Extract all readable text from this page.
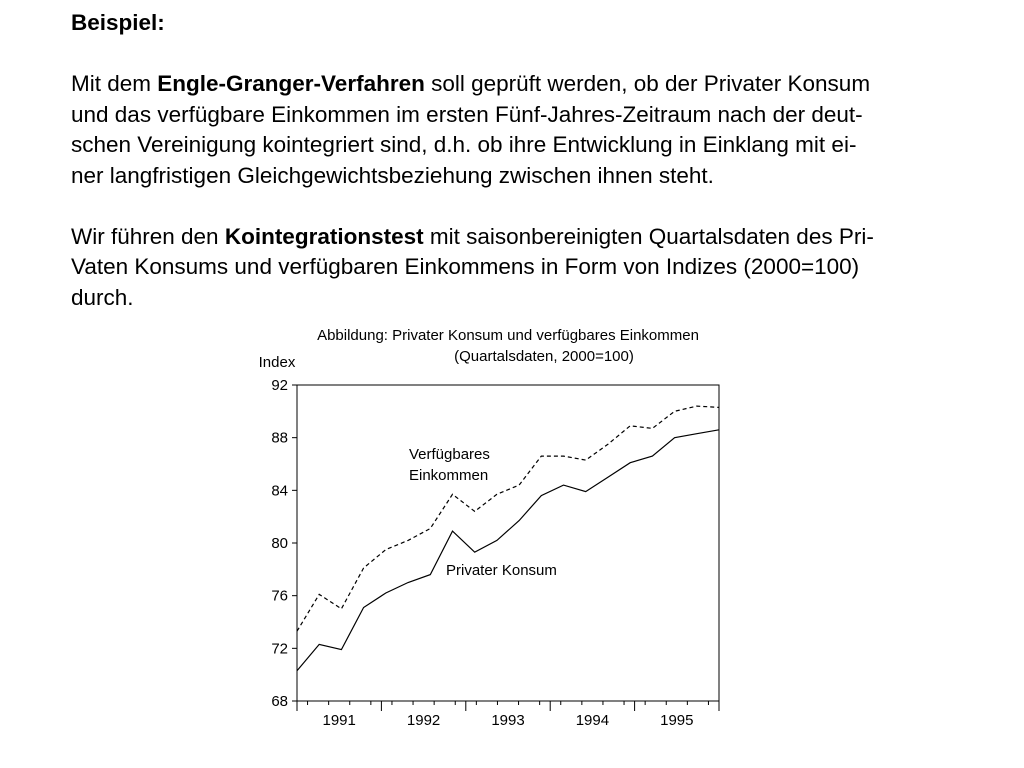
Beispiel:

Mit dem Engle-Granger-Verfahren soll geprüft werden, ob der Privater Konsum
und das verfügbare Einkommen im ersten Fünf-Jahres-Zeitraum nach der deut-
schen Vereinigung kointegriert sind, d.h. ob ihre Entwicklung in Einklang mit ei-
ner langfristigen Gleichgewichtsbeziehung zwischen ihnen steht.

Wir führen den Kointegrationstest mit saisonbereinigten Quartalsdaten des Pri-
Vaten Konsums und verfügbaren Einkommens in Form von Indizes (2000=100)
durch.

Abbildung: Privater Konsum und verfügbares Einkommen
(Quartalsdaten, 2000=100)
Index
68
72
76
80
84
88
92
1991	1992	1993	1994	1995
Verfügbares
Einkommen
Privater Konsum
